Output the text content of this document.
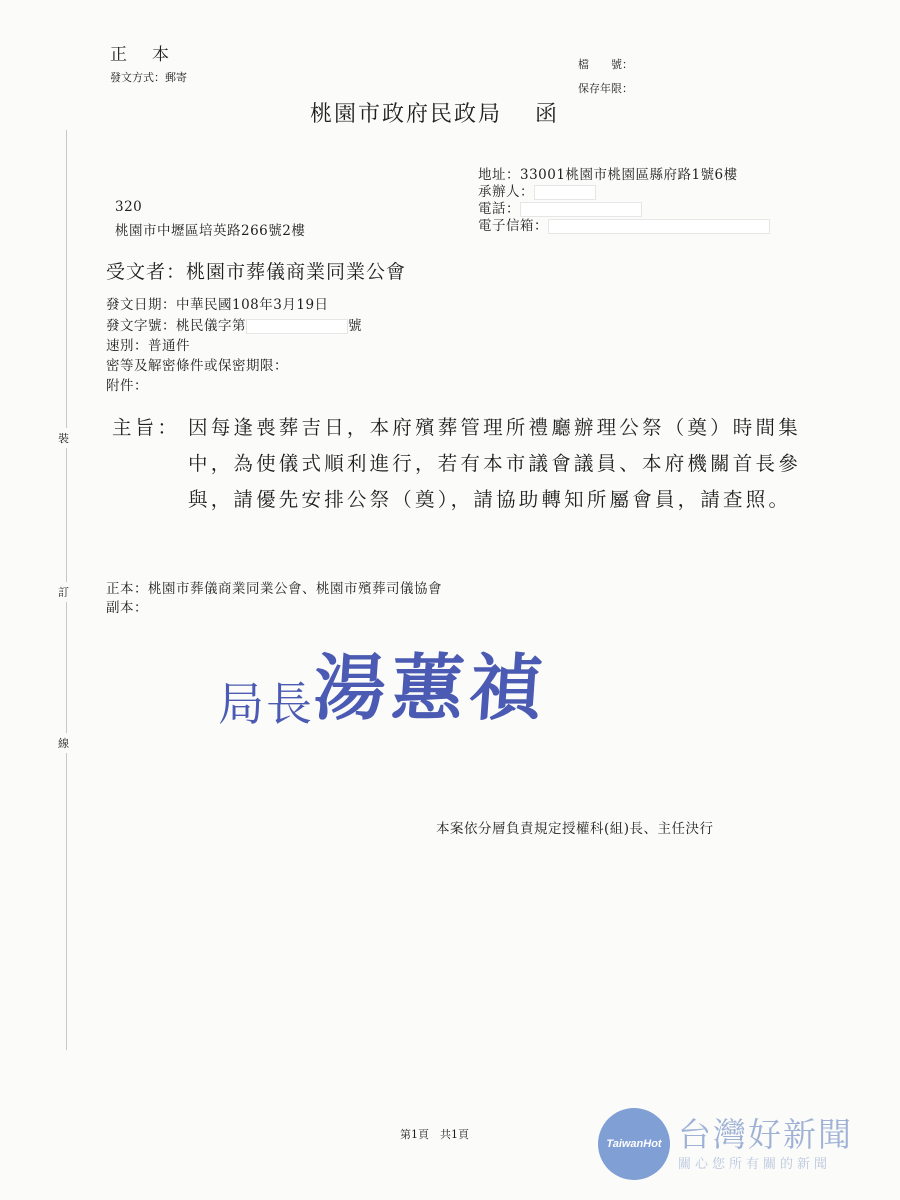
正　本
發文方式：郵寄
檔　　號：
保存年限：
桃園市政府民政局　 函
地址：33001桃園市桃園區縣府路1號6樓
承辦人：
電話：
電子信箱：
320
桃園市中壢區培英路266號2樓
受文者：桃園市葬儀商業同業公會
發文日期：中華民國108年3月19日
發文字號：桃民儀字第	號
速別：普通件
密等及解密條件或保密期限：
附件：
主旨： 因每逢喪葬吉日，本府殯葬管理所禮廳辦理公祭（奠）時間集中，為使儀式順利進行，若有本市議會議員、本府機關首長參與，請優先安排公祭（奠），請協助轉知所屬會員，請查照。
正本：桃園市葬儀商業同業公會、桃園市殯葬司儀協會
副本：
局長
湯蕙禎
本案依分層負責規定授權科(組)長、主任決行
裝
訂
線
第1頁　共1頁
TaiwanHot 台灣好新聞
關心您所有關的新聞
